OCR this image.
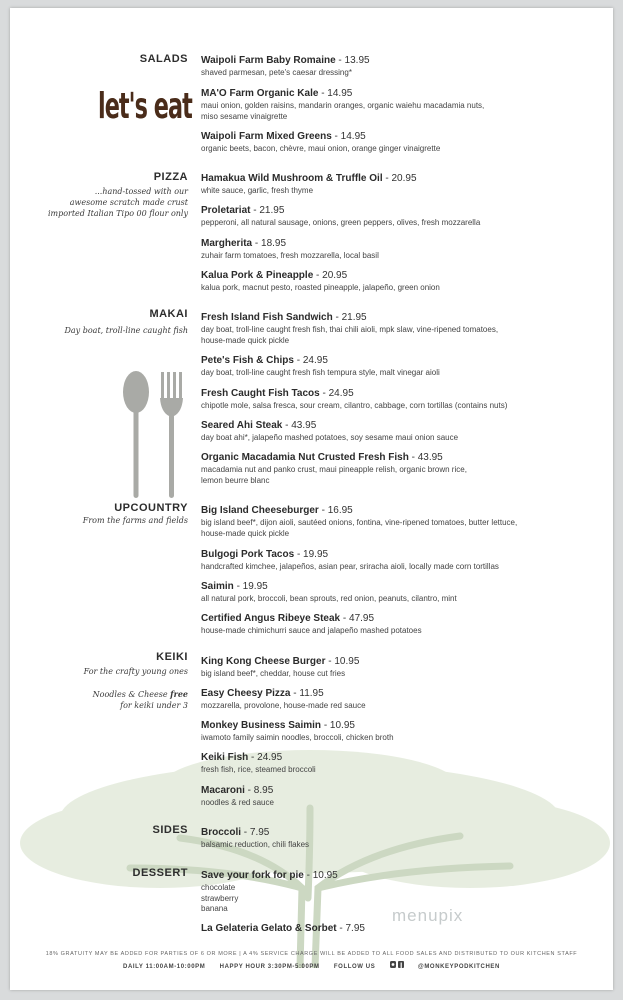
let's eat
SALADS
PIZZA
MAKAI
UPCOUNTRY
KEIKI
SIDES
DESSERT
...hand-tossed with our
awesome scratch made crust
imported Italian Tipo 00 flour only
Day boat, troll-line caught fish
From the farms and fields
For the crafty young ones
Noodles & Cheese free
for keiki under 3
Waipoli Farm Baby Romaine - 13.95
shaved parmesan, pete's caesar dressing*
MA'O Farm Organic Kale - 14.95
maui onion, golden raisins, mandarin oranges, organic waiehu macadamia nuts,
miso sesame vinaigrette
Waipoli Farm Mixed Greens - 14.95
organic beets, bacon, chèvre, maui onion, orange ginger vinaigrette
Hamakua Wild Mushroom & Truffle Oil - 20.95
white sauce, garlic, fresh thyme
Proletariat - 21.95
pepperoni, all natural sausage, onions, green peppers, olives, fresh mozzarella
Margherita - 18.95
zuhair farm tomatoes, fresh mozzarella, local basil
Kalua Pork & Pineapple - 20.95
kalua pork, macnut pesto, roasted pineapple, jalapeño, green onion
Fresh Island Fish Sandwich - 21.95
day boat, troll-line caught fresh fish, thai chili aioli, mpk slaw, vine-ripened tomatoes,
house-made quick pickle
Pete's Fish & Chips - 24.95
day boat, troll-line caught fresh fish tempura style, malt vinegar aioli
Fresh Caught Fish Tacos - 24.95
chipotle mole, salsa fresca, sour cream, cilantro, cabbage, corn tortillas (contains nuts)
Seared Ahi Steak - 43.95
day boat ahi*, jalapeño mashed potatoes, soy sesame maui onion sauce
Organic Macadamia Nut Crusted Fresh Fish - 43.95
macadamia nut and panko crust, maui pineapple relish, organic brown rice,
lemon beurre blanc
Big Island Cheeseburger - 16.95
big island beef*, dijon aioli, sautéed onions, fontina, vine-ripened tomatoes, butter lettuce,
house-made quick pickle
Bulgogi Pork Tacos - 19.95
handcrafted kimchee, jalapeños, asian pear, sriracha aioli, locally made corn tortillas
Saimin - 19.95
all natural pork, broccoli, bean sprouts, red onion, peanuts, cilantro, mint
Certified Angus Ribeye Steak - 47.95
house-made chimichurri sauce and jalapeño mashed potatoes
King Kong Cheese Burger - 10.95
big island beef*, cheddar, house cut fries
Easy Cheesy Pizza - 11.95
mozzarella, provolone, house-made red sauce
Monkey Business Saimin - 10.95
iwamoto family saimin noodles, broccoli, chicken broth
Keiki Fish - 24.95
fresh fish, rice, steamed broccoli
Macaroni - 8.95
noodles & red sauce
Broccoli - 7.95
balsamic reduction, chili flakes
Save your fork for pie - 10.95
chocolate
strawberry
banana
La Gelateria Gelato & Sorbet - 7.95
menupix
18% GRATUITY MAY BE ADDED FOR PARTIES OF 6 OR MORE | A 4% SERVICE CHARGE WILL BE ADDED TO ALL FOOD SALES AND DISTRIBUTED TO OUR KITCHEN STAFF
DAILY 11:00AM-10:00PM HAPPY HOUR 3:30PM-5:00PM FOLLOW US	@MONKEYPODKITCHEN
